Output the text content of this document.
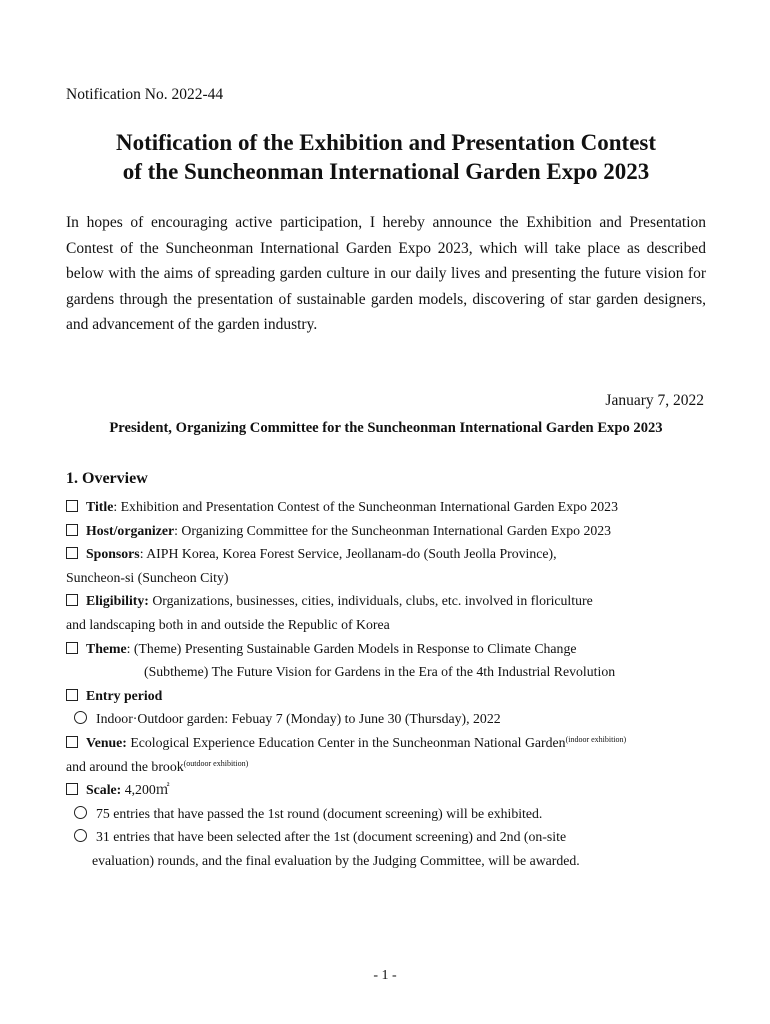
Notification No. 2022-44
Notification of the Exhibition and Presentation Contest
of the Suncheonman International Garden Expo 2023
In hopes of encouraging active participation, I hereby announce the Exhibition and Presentation Contest of the Suncheonman International Garden Expo 2023, which will take place as described below with the aims of spreading garden culture in our daily lives and presenting the future vision for gardens through the presentation of sustainable garden models, discovering of star garden designers, and advancement of the garden industry.
January 7, 2022
President, Organizing Committee for the Suncheonman International Garden Expo 2023
1. Overview
Title: Exhibition and Presentation Contest of the Suncheonman International Garden Expo 2023
Host/organizer: Organizing Committee for the Suncheonman International Garden Expo 2023
Sponsors: AIPH Korea, Korea Forest Service, Jeollanam-do (South Jeolla Province),
Suncheon-si (Suncheon City)
Eligibility: Organizations, businesses, cities, individuals, clubs, etc. involved in floriculture
and landscaping both in and outside the Republic of Korea
Theme: (Theme) Presenting Sustainable Garden Models in Response to Climate Change
(Subtheme) The Future Vision for Gardens in the Era of the 4th Industrial Revolution
Entry period
Indoor·Outdoor garden: Febuay 7 (Monday) to June 30 (Thursday), 2022
Venue: Ecological Experience Education Center in the Suncheonman National Garden$^{(indoor exhibition)}$
and around the brook$^{(outdoor exhibition)}$
Scale: 4,200㎡
75 entries that have passed the 1st round (document screening) will be exhibited.
31 entries that have been selected after the 1st (document screening) and 2nd (on-site
evaluation) rounds, and the final evaluation by the Judging Committee, will be awarded.
- 1 -
